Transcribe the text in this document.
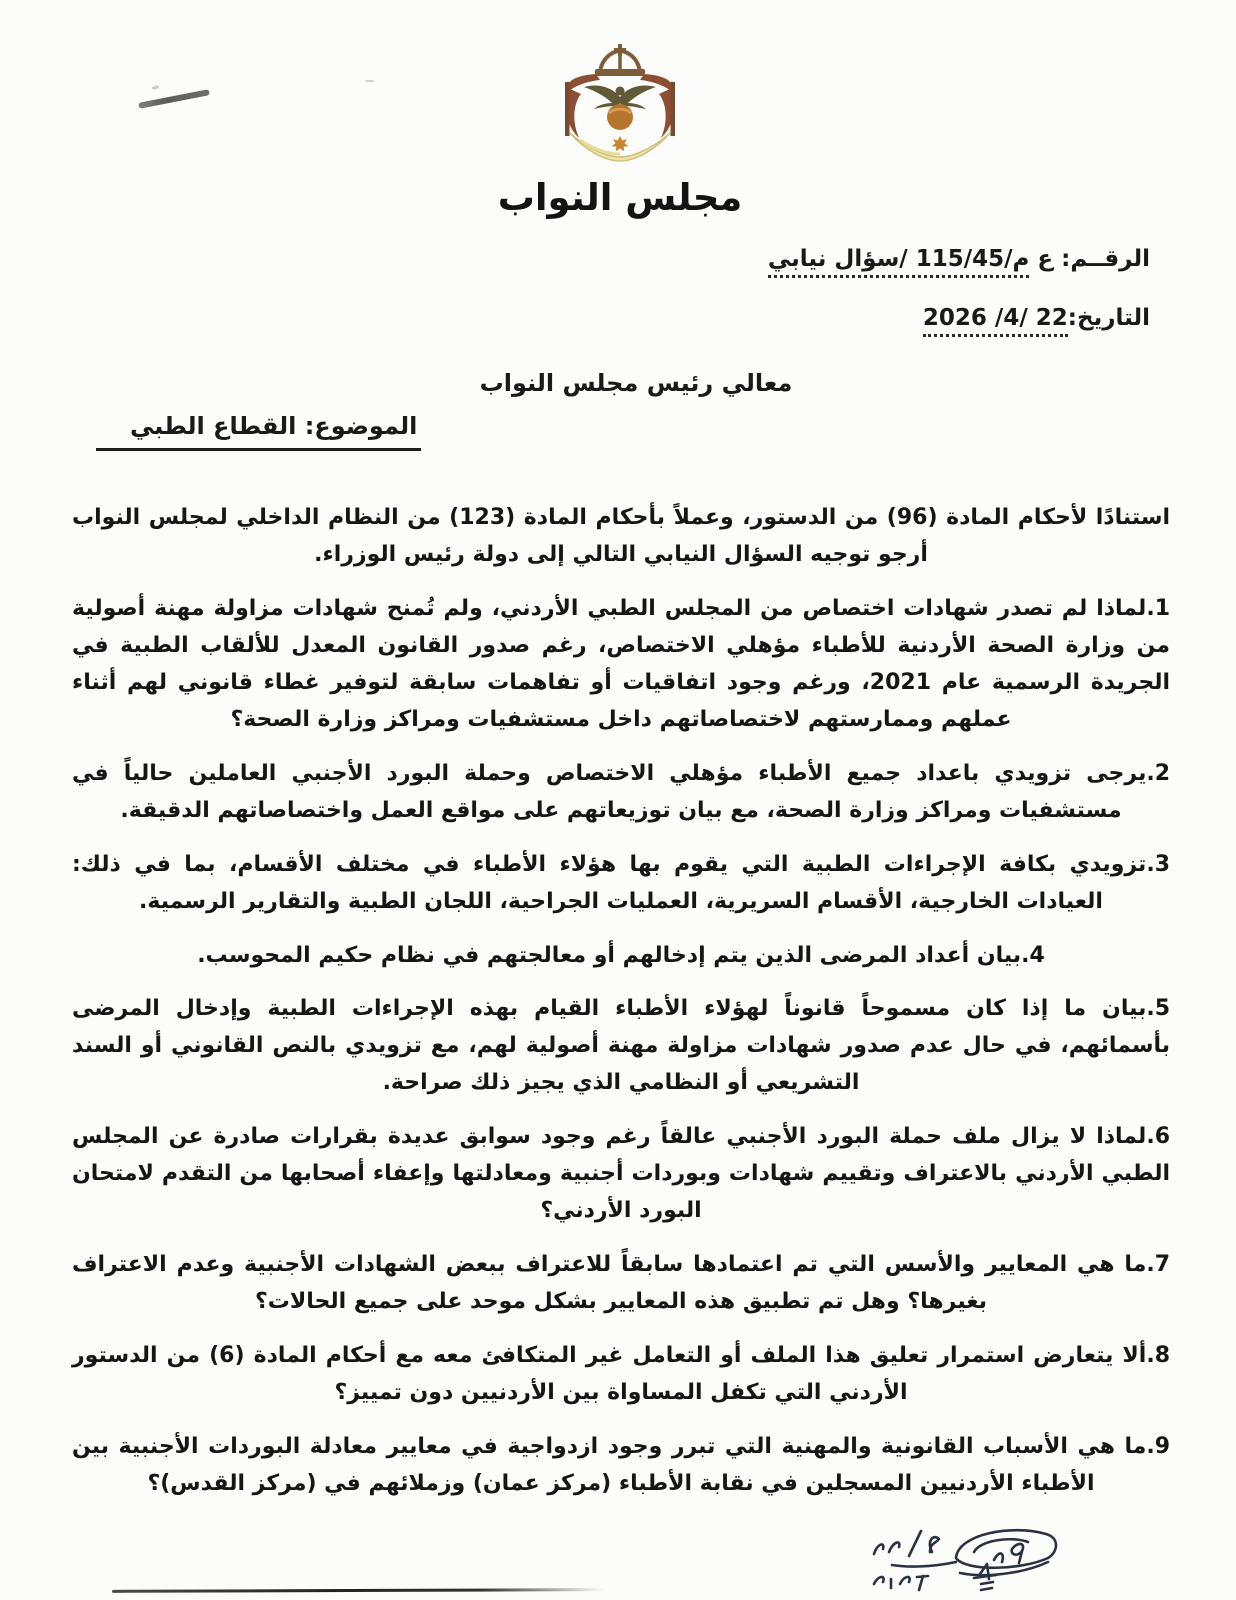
مجلس النواب
الرقــم: ع م/115/45 /سؤال نيابي
التاريخ:22‏ /4/‏ 2026
معالي رئيس مجلس النواب
الموضوع: القطاع الطبي

استنادًا لأحكام المادة (96) من الدستور، وعملاً بأحكام المادة (123) من النظام الداخلي لمجلس النواب أرجو توجيه السؤال النيابي التالي إلى دولة رئيس الوزراء.

1.لماذا لم تصدر شهادات اختصاص من المجلس الطبي الأردني، ولم تُمنح شهادات مزاولة مهنة أصولية من وزارة الصحة الأردنية للأطباء مؤهلي الاختصاص، رغم صدور القانون المعدل للألقاب الطبية في الجريدة الرسمية عام 2021، ورغم وجود اتفاقيات أو تفاهمات سابقة لتوفير غطاء قانوني لهم أثناء عملهم وممارستهم لاختصاصاتهم داخل مستشفيات ومراكز وزارة الصحة؟

2.يرجى تزويدي باعداد جميع الأطباء مؤهلي الاختصاص وحملة البورد الأجنبي العاملين حالياً في مستشفيات ومراكز وزارة الصحة، مع بيان توزيعاتهم على مواقع العمل واختصاصاتهم الدقيقة.

3.تزويدي بكافة الإجراءات الطبية التي يقوم بها هؤلاء الأطباء في مختلف الأقسام، بما في ذلك: العيادات الخارجية، الأقسام السريرية، العمليات الجراحية، اللجان الطبية والتقارير الرسمية.

4.بيان أعداد المرضى الذين يتم إدخالهم أو معالجتهم في نظام حكيم المحوسب.

5.بيان ما إذا كان مسموحاً قانوناً لهؤلاء الأطباء القيام بهذه الإجراءات الطبية وإدخال المرضى بأسمائهم، في حال عدم صدور شهادات مزاولة مهنة أصولية لهم، مع تزويدي بالنص القانوني أو السند التشريعي أو النظامي الذي يجيز ذلك صراحة.

6.لماذا لا يزال ملف حملة البورد الأجنبي عالقاً رغم وجود سوابق عديدة بقرارات صادرة عن المجلس الطبي الأردني بالاعتراف وتقييم شهادات وبوردات أجنبية ومعادلتها وإعفاء أصحابها من التقدم لامتحان البورد الأردني؟

7.ما هي المعايير والأسس التي تم اعتمادها سابقاً للاعتراف ببعض الشهادات الأجنبية وعدم الاعتراف بغيرها؟ وهل تم تطبيق هذه المعايير بشكل موحد على جميع الحالات؟

8.ألا يتعارض استمرار تعليق هذا الملف أو التعامل غير المتكافئ معه مع أحكام المادة (6) من الدستور الأردني التي تكفل المساواة بين الأردنيين دون تمييز؟

9.ما هي الأسباب القانونية والمهنية التي تبرر وجود ازدواجية في معايير معادلة البوردات الأجنبية بين الأطباء الأردنيين المسجلين في نقابة الأطباء (مركز عمان) وزملائهم في (مركز القدس)؟
